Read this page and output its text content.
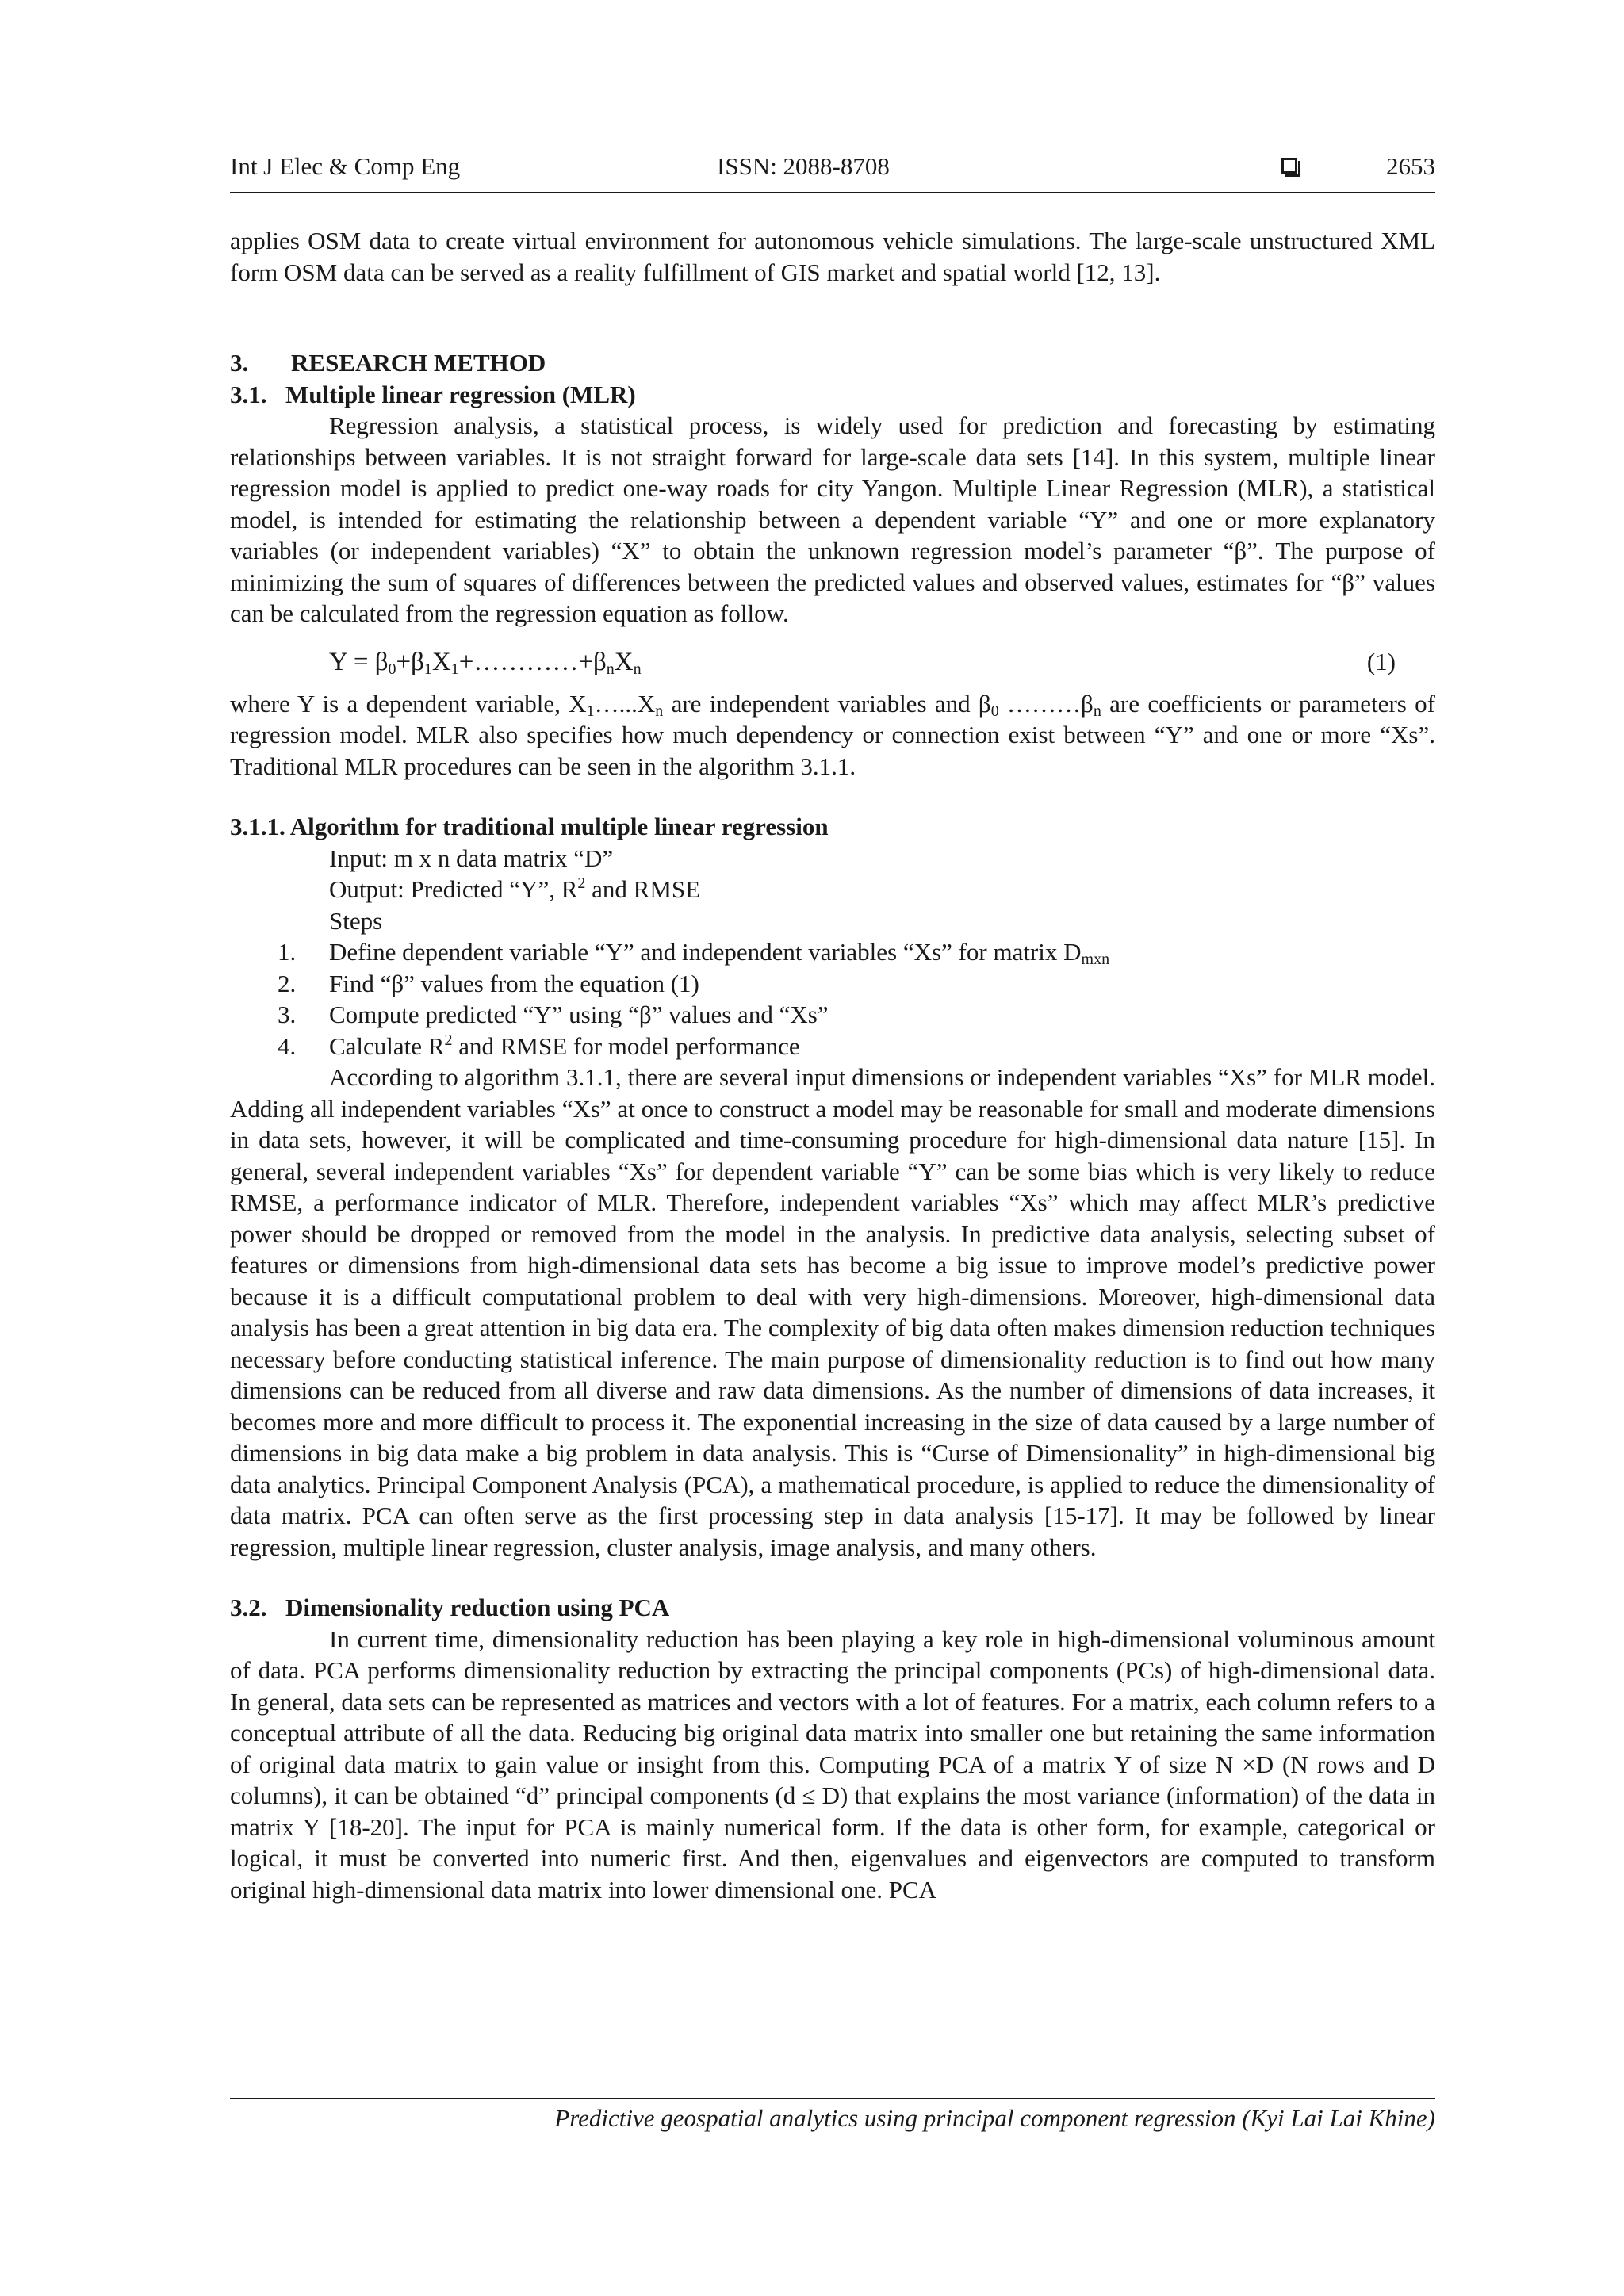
Int J Elec & Comp Eng	ISSN: 2088-8708	2653

applies OSM data to create virtual environment for autonomous vehicle simulations. The large-scale unstructured XML form OSM data can be served as a reality fulfillment of GIS market and spatial world [12, 13].

3. RESEARCH METHOD
3.1. Multiple linear regression (MLR)

Regression analysis, a statistical process, is widely used for prediction and forecasting by estimating relationships between variables. It is not straight forward for large-scale data sets [14]. In this system, multiple linear regression model is applied to predict one-way roads for city Yangon. Multiple Linear Regression (MLR), a statistical model, is intended for estimating the relationship between a dependent variable “Y” and one or more explanatory variables (or independent variables) “X” to obtain the unknown regression model’s parameter “β”. The purpose of minimizing the sum of squares of differences between the predicted values and observed values, estimates for “β” values can be calculated from the regression equation as follow.

$Y = \beta_0+\beta_1X_1+\dots\dots\dots\dots+\beta_nX_n$	(1)

where Y is a dependent variable, $X_1\dots...X_n$ are independent variables and $\beta_0$ $\dots\dots\dots\beta_n$ are coefficients or parameters of regression model. MLR also specifies how much dependency or connection exist between “Y” and one or more “Xs”. Traditional MLR procedures can be seen in the algorithm 3.1.1.

3.1.1. Algorithm for traditional multiple linear regression
Input: m x n data matrix “D”
Output: Predicted “Y”, $R^2$ and RMSE
Steps
1. Define dependent variable “Y” and independent variables “Xs” for matrix $D_{mxn}$
2. Find “β” values from the equation (1)
3. Compute predicted “Y” using “β” values and “Xs”
4. Calculate $R^2$ and RMSE for model performance

According to algorithm 3.1.1, there are several input dimensions or independent variables “Xs” for MLR model. Adding all independent variables “Xs” at once to construct a model may be reasonable for small and moderate dimensions in data sets, however, it will be complicated and time-consuming procedure for high-dimensional data nature [15]. In general, several independent variables “Xs” for dependent variable “Y” can be some bias which is very likely to reduce RMSE, a performance indicator of MLR. Therefore, independent variables “Xs” which may affect MLR’s predictive power should be dropped or removed from the model in the analysis. In predictive data analysis, selecting subset of features or dimensions from high-dimensional data sets has become a big issue to improve model’s predictive power because it is a difficult computational problem to deal with very high-dimensions. Moreover, high-dimensional data analysis has been a great attention in big data era. The complexity of big data often makes dimension reduction techniques necessary before conducting statistical inference. The main purpose of dimensionality reduction is to find out how many dimensions can be reduced from all diverse and raw data dimensions. As the number of dimensions of data increases, it becomes more and more difficult to process it. The exponential increasing in the size of data caused by a large number of dimensions in big data make a big problem in data analysis. This is “Curse of Dimensionality” in high-dimensional big data analytics. Principal Component Analysis (PCA), a mathematical procedure, is applied to reduce the dimensionality of data matrix. PCA can often serve as the first processing step in data analysis [15-17]. It may be followed by linear regression, multiple linear regression, cluster analysis, image analysis, and many others.

3.2. Dimensionality reduction using PCA

In current time, dimensionality reduction has been playing a key role in high-dimensional voluminous amount of data. PCA performs dimensionality reduction by extracting the principal components (PCs) of high-dimensional data. In general, data sets can be represented as matrices and vectors with a lot of features. For a matrix, each column refers to a conceptual attribute of all the data. Reducing big original data matrix into smaller one but retaining the same information of original data matrix to gain value or insight from this. Computing PCA of a matrix Y of size N ×D (N rows and D columns), it can be obtained “d” principal components (d ≤ D) that explains the most variance (information) of the data in matrix Y [18-20]. The input for PCA is mainly numerical form. If the data is other form, for example, categorical or logical, it must be converted into numeric first. And then, eigenvalues and eigenvectors are computed to transform original high-dimensional data matrix into lower dimensional one. PCA

Predictive geospatial analytics using principal component regression (Kyi Lai Lai Khine)
